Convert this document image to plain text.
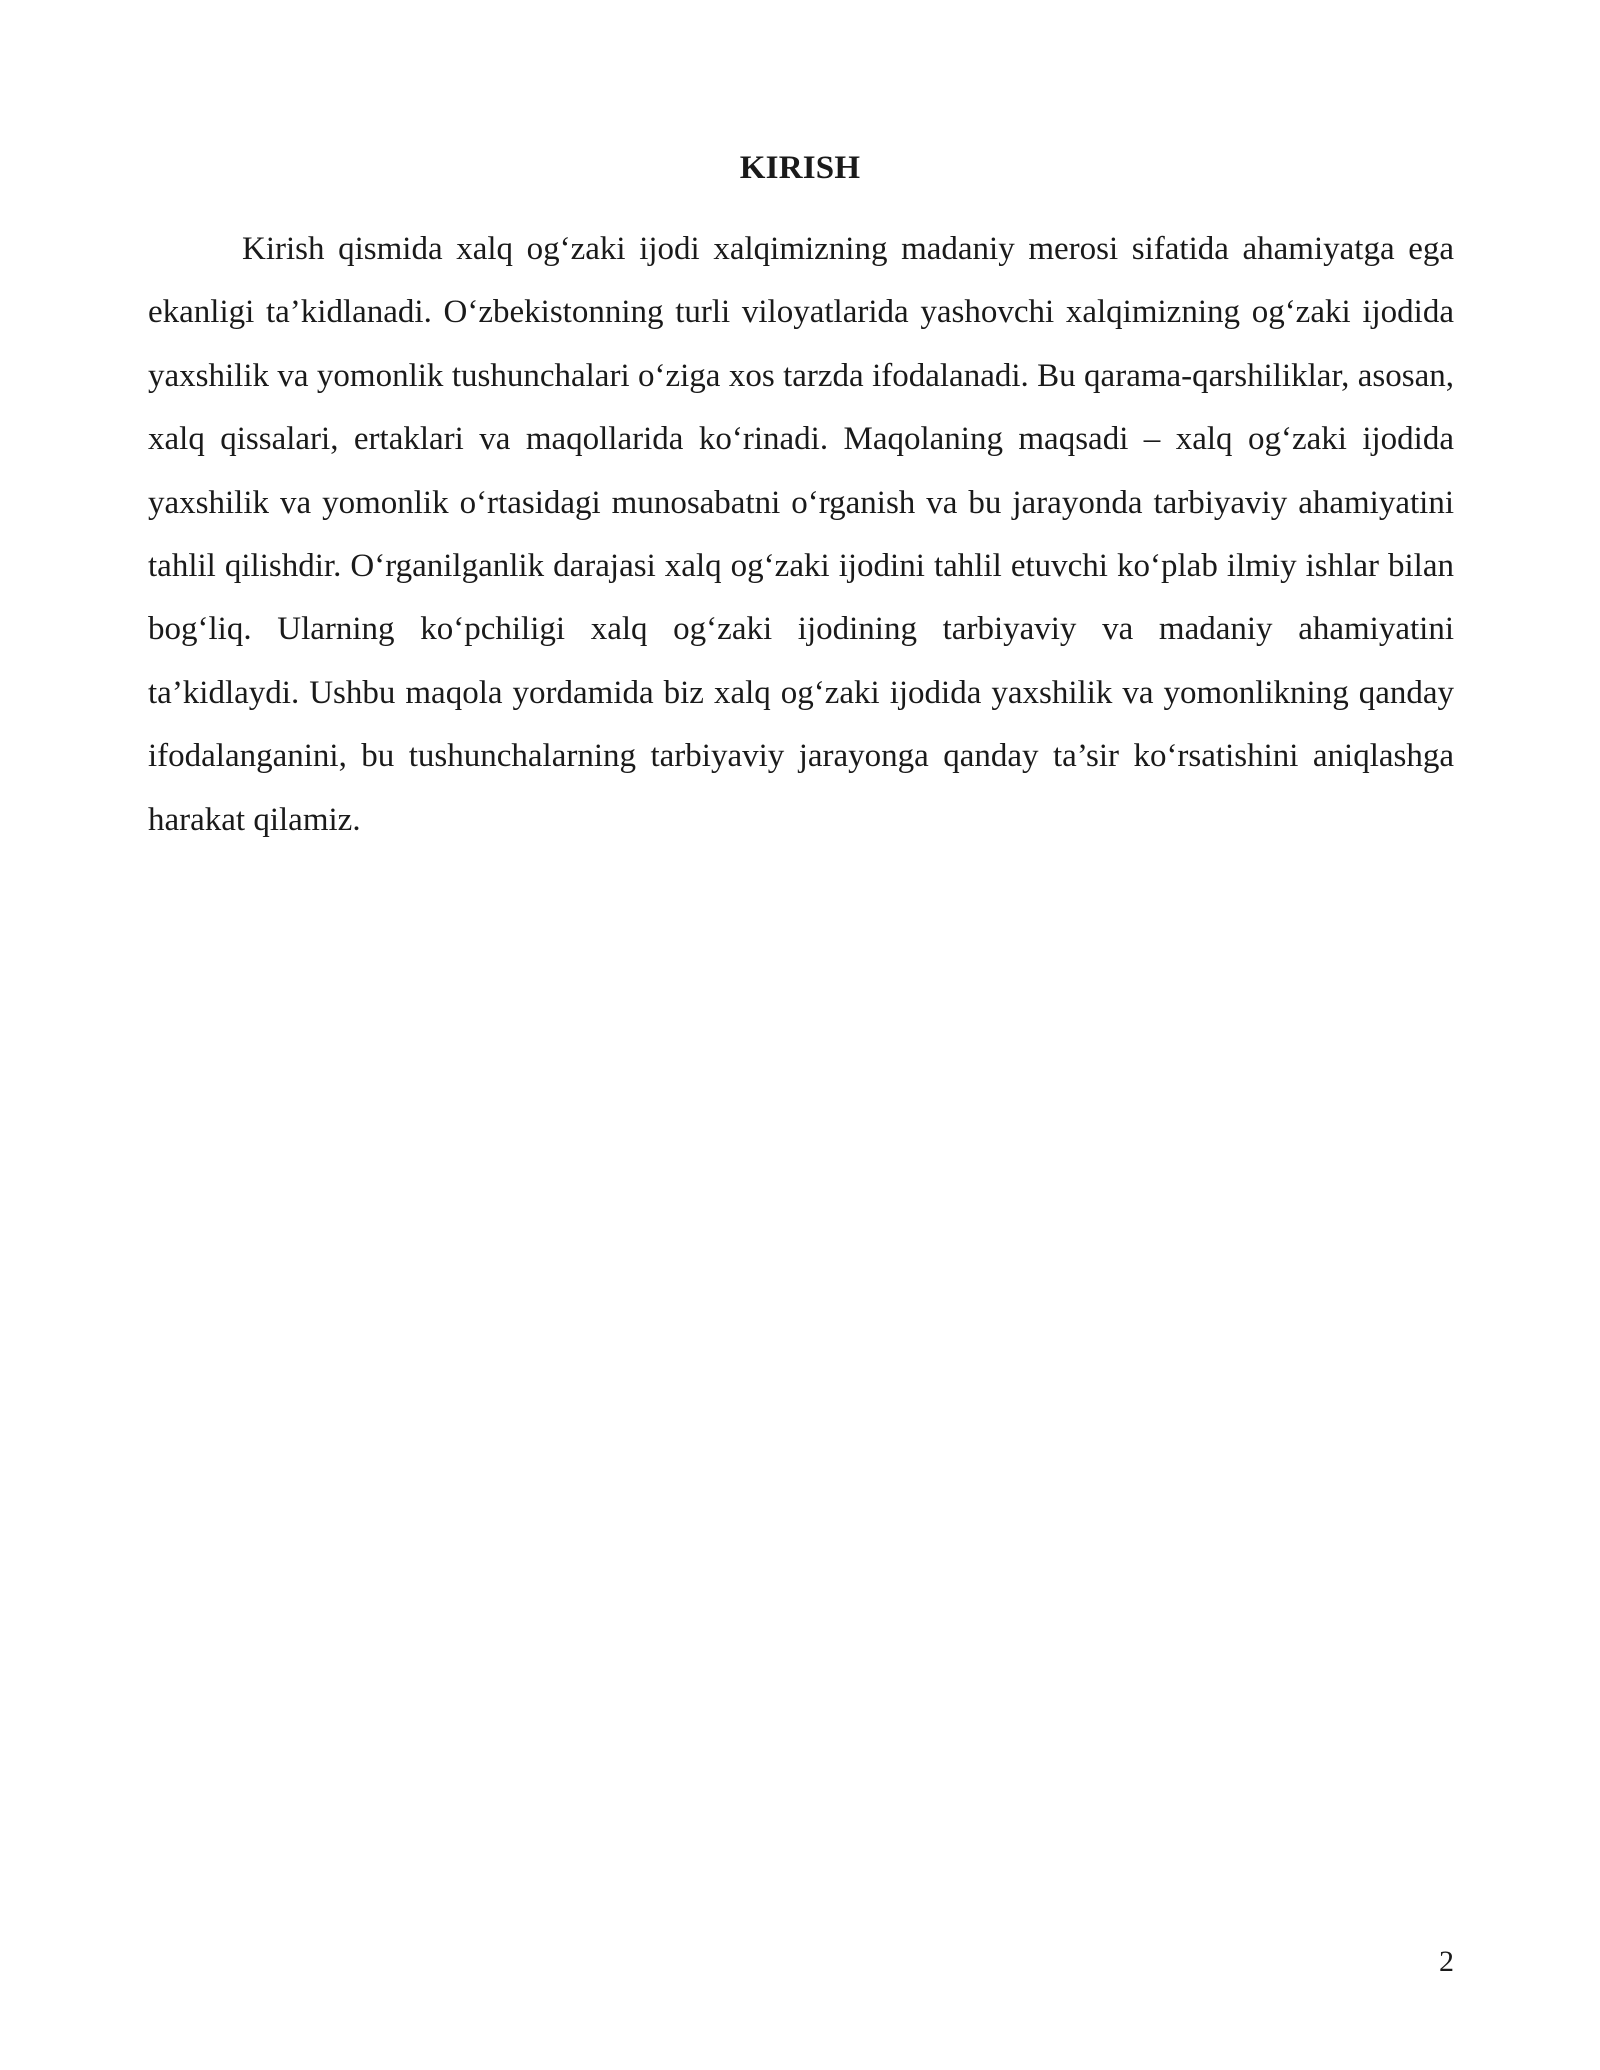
KIRISH

Kirish qismida xalq og‘zaki ijodi xalqimizning madaniy merosi sifatida ahamiyatga ega ekanligi ta’kidlanadi. O‘zbekistonning turli viloyatlarida yashovchi xalqimizning og‘zaki ijodida yaxshilik va yomonlik tushunchalari o‘ziga xos tarzda ifodalanadi. Bu qarama-qarshiliklar, asosan, xalq qissalari, ertaklari va maqollarida ko‘rinadi. Maqolaning maqsadi – xalq og‘zaki ijodida yaxshilik va yomonlik o‘rtasidagi munosabatni o‘rganish va bu jarayonda tarbiyaviy ahamiyatini tahlil qilishdir. O‘rganilganlik darajasi xalq og‘zaki ijodini tahlil etuvchi ko‘plab ilmiy ishlar bilan bog‘liq. Ularning ko‘pchiligi xalq og‘zaki ijodining tarbiyaviy va madaniy ahamiyatini ta’kidlaydi. Ushbu maqola yordamida biz xalq og‘zaki ijodida yaxshilik va yomonlikning qanday ifodalanganini, bu tushunchalarning tarbiyaviy jarayonga qanday ta’sir ko‘rsatishini aniqlashga harakat qilamiz.

2
